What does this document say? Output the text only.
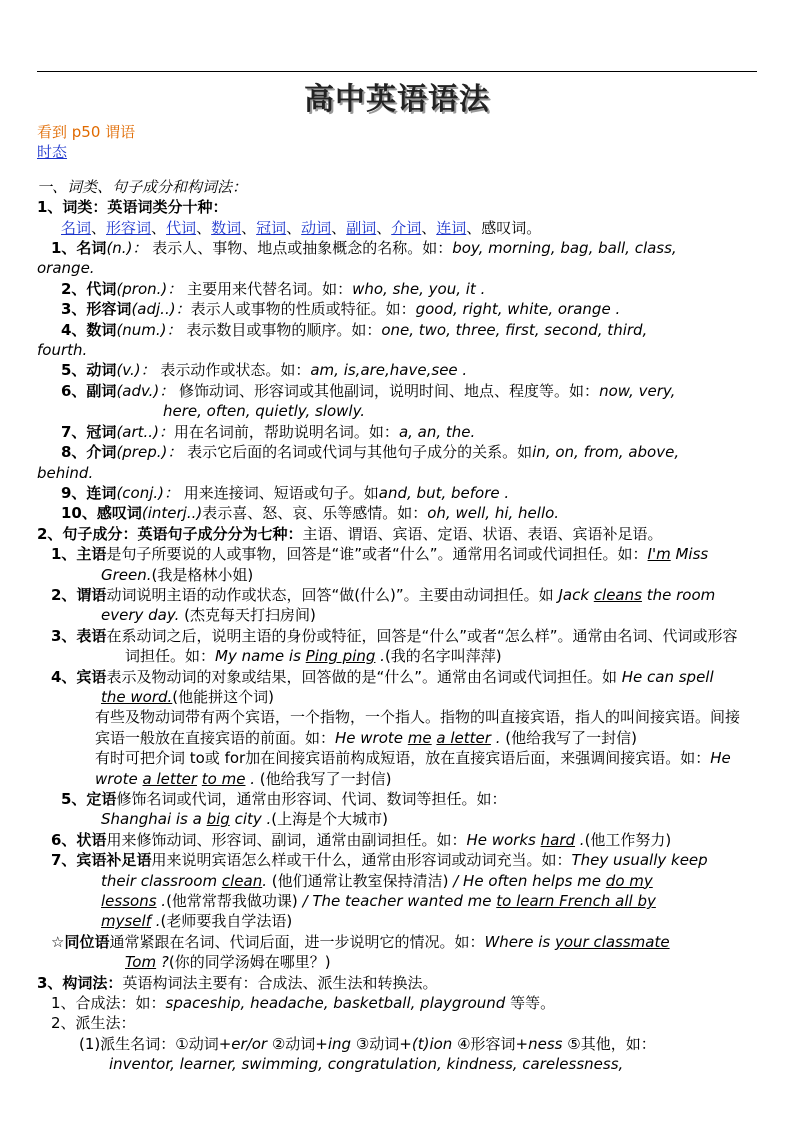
高中英语语法
看到 p50 谓语
时态
一、词类、句子成分和构词法：
1、词类：英语词类分十种：
名词、形容词、代词、数词、冠词、动词、副词、介词、连词、感叹词。
1、名词(n.)： 表示人、事物、地点或抽象概念的名称。如：boy, morning, bag, ball, class,
orange.
2、代词(pron.)： 主要用来代替名词。如：who, she, you, it .
3、形容词(adj..)：表示人或事物的性质或特征。如：good, right, white, orange .
4、数词(num.)： 表示数目或事物的顺序。如：one, two, three, first, second, third,
fourth.
5、动词(v.)： 表示动作或状态。如：am, is,are,have,see .
6、副词(adv.)： 修饰动词、形容词或其他副词，说明时间、地点、程度等。如：now, very,
here, often, quietly, slowly.
7、冠词(art..)：用在名词前，帮助说明名词。如：a, an, the.
8、介词(prep.)： 表示它后面的名词或代词与其他句子成分的关系。如in, on, from, above,
behind.
9、连词(conj.)： 用来连接词、短语或句子。如and, but, before .
10、感叹词(interj..)表示喜、怒、哀、乐等感情。如：oh, well, hi, hello.
2、句子成分：英语句子成分分为七种：主语、谓语、宾语、定语、状语、表语、宾语补足语。
1、主语是句子所要说的人或事物，回答是“谁”或者“什么”。通常用名词或代词担任。如：I'm Miss
Green.(我是格林小姐)
2、谓语动词说明主语的动作或状态，回答“做(什么)”。主要由动词担任。如 Jack cleans the room
every day. (杰克每天打扫房间)
3、表语在系动词之后，说明主语的身份或特征，回答是“什么”或者“怎么样”。通常由名词、代词或形容
词担任。如：My name is Ping ping .(我的名字叫萍萍)
4、宾语表示及物动词的对象或结果，回答做的是“什么”。通常由名词或代词担任。如 He can spell
the word.(他能拼这个词)
有些及物动词带有两个宾语，一个指物，一个指人。指物的叫直接宾语，指人的叫间接宾语。间接
宾语一般放在直接宾语的前面。如：He wrote me a letter . (他给我写了一封信)
有时可把介词 to或 for加在间接宾语前构成短语，放在直接宾语后面，来强调间接宾语。如：He
wrote a letter to me . (他给我写了一封信)
5、定语修饰名词或代词，通常由形容词、代词、数词等担任。如：
Shanghai is a big city .(上海是个大城市)
6、状语用来修饰动词、形容词、副词，通常由副词担任。如：He works hard .(他工作努力)
7、宾语补足语用来说明宾语怎么样或干什么，通常由形容词或动词充当。如：They usually keep
their classroom clean. (他们通常让教室保持清洁) / He often helps me do my
lessons .(他常常帮我做功课) / The teacher wanted me to learn French all by
myself .(老师要我自学法语)
☆同位语通常紧跟在名词、代词后面，进一步说明它的情况。如：Where is your classmate
Tom ?(你的同学汤姆在哪里？)
3、构词法：英语构词法主要有：合成法、派生法和转换法。
1、合成法：如：spaceship, headache, basketball, playground 等等。
2、派生法：
(1)派生名词：①动词+er/or ②动词+ing ③动词+(t)ion ④形容词+ness ⑤其他，如：
inventor, learner, swimming, congratulation, kindness, carelessness,
